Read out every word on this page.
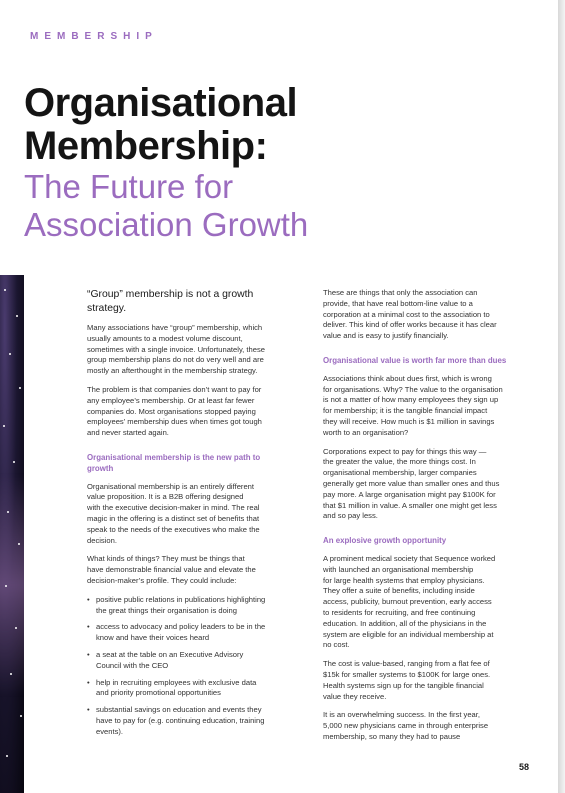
MEMBERSHIP
Organisational
Membership:
The Future for
Association Growth

“Group” membership is not a growth
strategy.

Many associations have “group” membership, which
usually amounts to a modest volume discount,
sometimes with a single invoice. Unfortunately, these
group membership plans do not do very well and are
mostly an afterthought in the membership strategy.

The problem is that companies don’t want to pay for
any employee’s membership. Or at least far fewer
companies do. Most organisations stopped paying
employees’ membership dues when times got tough
and never started again.

Organisational membership is the new path to
growth

Organisational membership is an entirely different
value proposition. It is a B2B offering designed
with the executive decision-maker in mind. The real
magic in the offering is a distinct set of benefits that
speak to the needs of the executives who make the
decision.

What kinds of things? They must be things that
have demonstrable financial value and elevate the
decision-maker’s profile. They could include:

• positive public relations in publications highlighting
the great things their organisation is doing
• access to advocacy and policy leaders to be in the
know and have their voices heard
• a seat at the table on an Executive Advisory
Council with the CEO
• help in recruiting employees with exclusive data
and priority promotional opportunities
• substantial savings on education and events they
have to pay for (e.g. continuing education, training
events).

These are things that only the association can
provide, that have real bottom-line value to a
corporation at a minimal cost to the association to
deliver. This kind of offer works because it has clear
value and is easy to justify financially.

Organisational value is worth far more than dues

Associations think about dues first, which is wrong
for organisations. Why? The value to the organisation
is not a matter of how many employees they sign up
for membership; it is the tangible financial impact
they will receive. How much is $1 million in savings
worth to an organisation?

Corporations expect to pay for things this way —
the greater the value, the more things cost. In
organisational membership, larger companies
generally get more value than smaller ones and thus
pay more. A large organisation might pay $100K for
that $1 million in value. A smaller one might get less
and so pay less.

An explosive growth opportunity

A prominent medical society that Sequence worked
with launched an organisational membership
for large health systems that employ physicians.
They offer a suite of benefits, including inside
access, publicity, burnout prevention, early access
to residents for recruiting, and free continuing
education. In addition, all of the physicians in the
system are eligible for an individual membership at
no cost.

The cost is value-based, ranging from a flat fee of
$15k for smaller systems to $100K for large ones.
Health systems sign up for the tangible financial
value they receive.

It is an overwhelming success. In the first year,
5,000 new physicians came in through enterprise
membership, so many they had to pause

58
